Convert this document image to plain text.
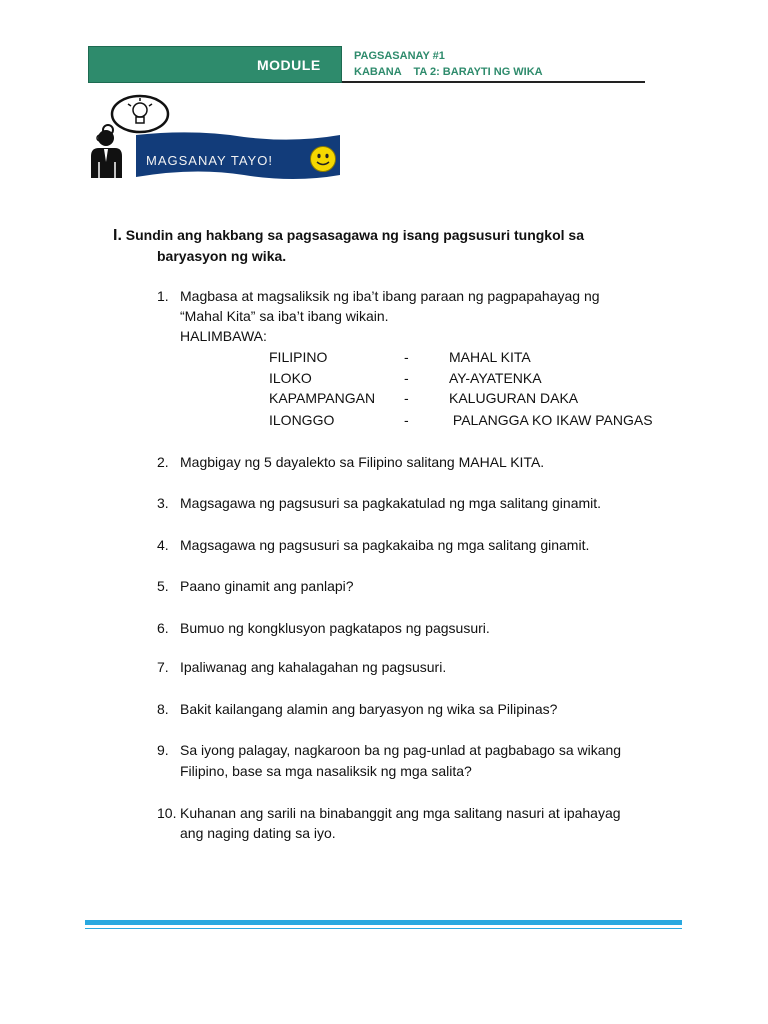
MODULE
PAGSASANAY #1
KABANA    TA 2: BARAYTI NG WIKA
MAGSANAY TAYO!
I. Sundin ang hakbang sa pagsasagawa ng isang pagsusuri tungkol sa
baryasyon ng wika.
1. Magbasa at magsaliksik ng iba’t ibang paraan ng pagpapahayag ng
“Mahal Kita” sa iba’t ibang wikain.
HALIMBAWA:
FILIPINO	-	MAHAL KITA
ILOKO	-	AY-AYATENKA
KAPAMPANGAN	-	KALUGURAN DAKA
ILONGGO	-	PALANGGA KO IKAW PANGAS
2. Magbigay ng 5 dayalekto sa Filipino salitang MAHAL KITA.
3. Magsagawa ng pagsusuri sa pagkakatulad ng mga salitang ginamit.
4. Magsagawa ng pagsusuri sa pagkakaiba ng mga salitang ginamit.
5. Paano ginamit ang panlapi?
6. Bumuo ng kongklusyon pagkatapos ng pagsusuri.
7. Ipaliwanag ang kahalagahan ng pagsusuri.
8. Bakit kailangang alamin ang baryasyon ng wika sa Pilipinas?
9. Sa iyong palagay, nagkaroon ba ng pag-unlad at pagbabago sa wikang
Filipino, base sa mga nasaliksik ng mga salita?
10. Kuhanan ang sarili na binabanggit ang mga salitang nasuri at ipahayag
ang naging dating sa iyo.
